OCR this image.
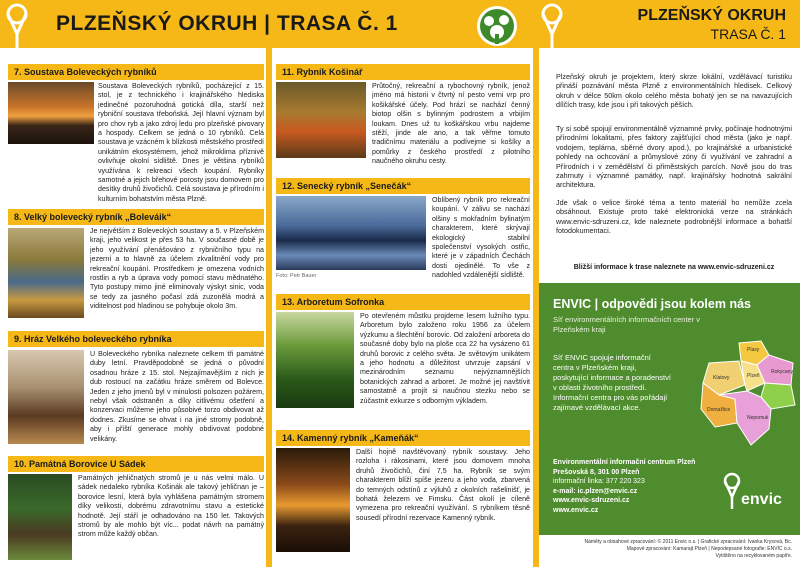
PLZEŇSKÝ OKRUH | TRASA Č. 1	PLZEŇSKÝ OKRUH
TRASA Č. 1
7. Soustava Bolevecký​ch rybníků
Soustava Boleveckých rybníků, pocházející z 15. stol, je z technického i krajinářského hlediska jedinečné pozoruhodná gotická díla, starší než rybniční soustava třeboňská. Její hlavní význam byl pro chov ryb a jako zdroj ledu pro plzeňské pivovary a hospody. Celkem se jedná o 10 rybníků. Celá soustava je vzácném k blízkosti městského prostředí unikátním ekosystémem, jehož mikroklima příznivě ovlivňuje okolní sídliště. Dnes je většina rybníků využívána k rekreaci všech koupání. Rybníky samotné a jejich břehové porosty jsou domovem pro desítky druhů živočichů. Celá soustava je přírodním i kulturním bohatstvím města Plzně.
8. Velký bolevecký rybník „Boleváik“
Je největším z Boleveckých soustavy a 5. v Plzeňském kraji, jeho velikost je přes 53 ha. V současné době je jeho využívání přenášováno z rybničního typu na jezerní a to hlavně za účelem zkvalitnění vody pro rekreační koupání. Prostředkem je omezena vodních rostlin a ryb a úprava vody pomocí stavu mědnatého. Tyto postupy mimo jiné eliminovaly výskyt sinic, voda se tedy za jasného počasí zdá zuzonělá modrá a viditelnost pod hladinou se pohybuje okolo 3m.
9. Hráz Velkého boleveckého rybníka
U Boleveckého rybníka naleznete celkem tři památné duby letní. Pravděpodobně se jedná o původní osadnou hráze z 15. stol. Nejzajímavějším z nich je dub rostoucí na začátku hráze směrem od Bolevce. Jeden z jeho jmenů byl v minulosti polsozen požárem, nebyl však odstraněn a díky citlivému ošetření a konzervaci můžeme jeho působivé torzo obdivovat až dodnes. Zkusíme se ohvat i na jiné stromy podobně, aby i příští generace mohly obdivovat podobné velikány.
10. Památná Borovice U Sádek
Památných jehličnatých stromů je u nás velmi málo. U sádek nedaleko rybníka Košinák ale takový jehličnan je – borovice lesní, která byla vyhlášena památným stromem díky velikosti, dobrému zdravotnímu stavu a estetické hodnotě. Její stáří je odhadováno na 150 let. Takových stromů by ale mohlo být víc... podat návrh na památný strom může každý občan.
11. Rybník Košinář
Průtočný, rekreační a rybochovný rybník, jenož jméno má historii v čtvrtý ní pesto verni vrp pro košikářské účely. Pod hrází se nachází čenný biotop olšin s bylinným podrostem a vrbijím loukam. Dnes už tu koškářskou vrbu najdeme stěží, jinde ale ano, a tak věřme tomuto tradičnímu materiálu a podívejme si košíky a pomůrky z českého prostředí z pilotního naučného okruhu cesty.
12. Senecký rybník „Senečák“
Foto: Petr Bauer
Oblíbený rybník pro rekreační koupání. V zálivu se nachází olšiny s mokřadním bylinatým charakterem, které skrývají ekologický stabilní společenství vysokých ostřic, které je v západních Čechách dosti ojedinělé. To vše z nadohled vzdálenější sídliště.
13. Arboretum Sofronka
Po otevřeném můstku projdeme lesem lužního typu. Arboretum bylo založeno roku 1956 za účelem výzkumu a šlechtění borovic. Od založení arboreta do současné doby bylo na ploše cca 22 ha vysázeno 61 druhů borovic z celého světa. Je světovým unikátem a jeho hodnotu a důležitost utvrzuje zapsání v mezinárodním seznamu nejvýznamnějších botanických zahrad a arboret. Je možné jej navštívit samostatně a projít si naučnou stezku nebo se zúčastnit exkurze s odborným výkladem.
14. Kamenný rybník „Kameňák“
Další hojně navštěvovaný rybník soustavy. Jeho rozloha i rákosinami, které jsou domovem mnoha druhů živočichů, činí 7,5 ha. Rybník se svým charakterem blíží spíše jezeru a jeho voda, zbarvená do temných odstínů z výluhů z okolních rašelinišť, je bohatá železem ve Fimsku. Část okolí je cíleně vymezena pro rekreační využívání. S rybníkem těsně sousedí přírodní rezervace Kamenný rybník.
Plzeňský okruh je projektem, který skrze lokální, vzdělávací turistiku přináší poznávání města Plzně z environmentálních hledisek. Celkový okruh v délce 50km okolo celého města bohatý jen se na navazujících dílčích trasy, kde jsou i při takových pěších.
Ty si sobě spojují environmentálně významné prvky, počínaje hodnotnými přírodními lokalitami, přes faktory zajišťující chod města (jako je např. vodojem, teplárna, sběrné dvory apod.), po krajinářské a urbanistické pohledy na ochcování a průmyslové zóny či využívání ve zahradní a Přírodních i v zemědělství či přiměstských parcích. Nově jsou do tras zahrnuty i významné památky, např. krajinářsky hodnotná sakrální architektura.
Jde však o velice široké téma a tento materiál ho nemůže zcela obsáhnout. Existuje proto také elektronická verze na stránkách www.envic-sdruzeni.cz, kde naleznete podrobnější informace a bohatší fotodokumentaci.
Bližší informace k trase naleznete na www.envic-sdruzeni.cz
ENVIC | odpovědi jsou kolem nás
Síť environmentálních informačních center v Plzeňském kraji
Síť ENVIC spojuje informační centra v Plzeňském kraji, poskytující informace a poradenství v oblasti životního prostředí. Informační centra pro vás pořádají zajímavé vzdělávací akce.
Plasy
Klatovy	Plzeň
Rokycany
Domažlice
Nepomuk
Environmentální informační centrum Plzeň
Prešovská 8, 301 00 Plzeň
informační linka: 377 220 323
e-mail: ic.plzen@envic.cz
www.envic-sdruzeni.cz
www.envic.cz
envic
Náměty a obsahové zpracování: © 2011 Envic o.s. | Grafické zpracování: Ivanka Krysová, Bc.
Mapové zpracování: Kamarajt Plzeň | Nepodepsané fotografie: ENVIC o.s.
Vytištěno na recyklovaném papíře.
